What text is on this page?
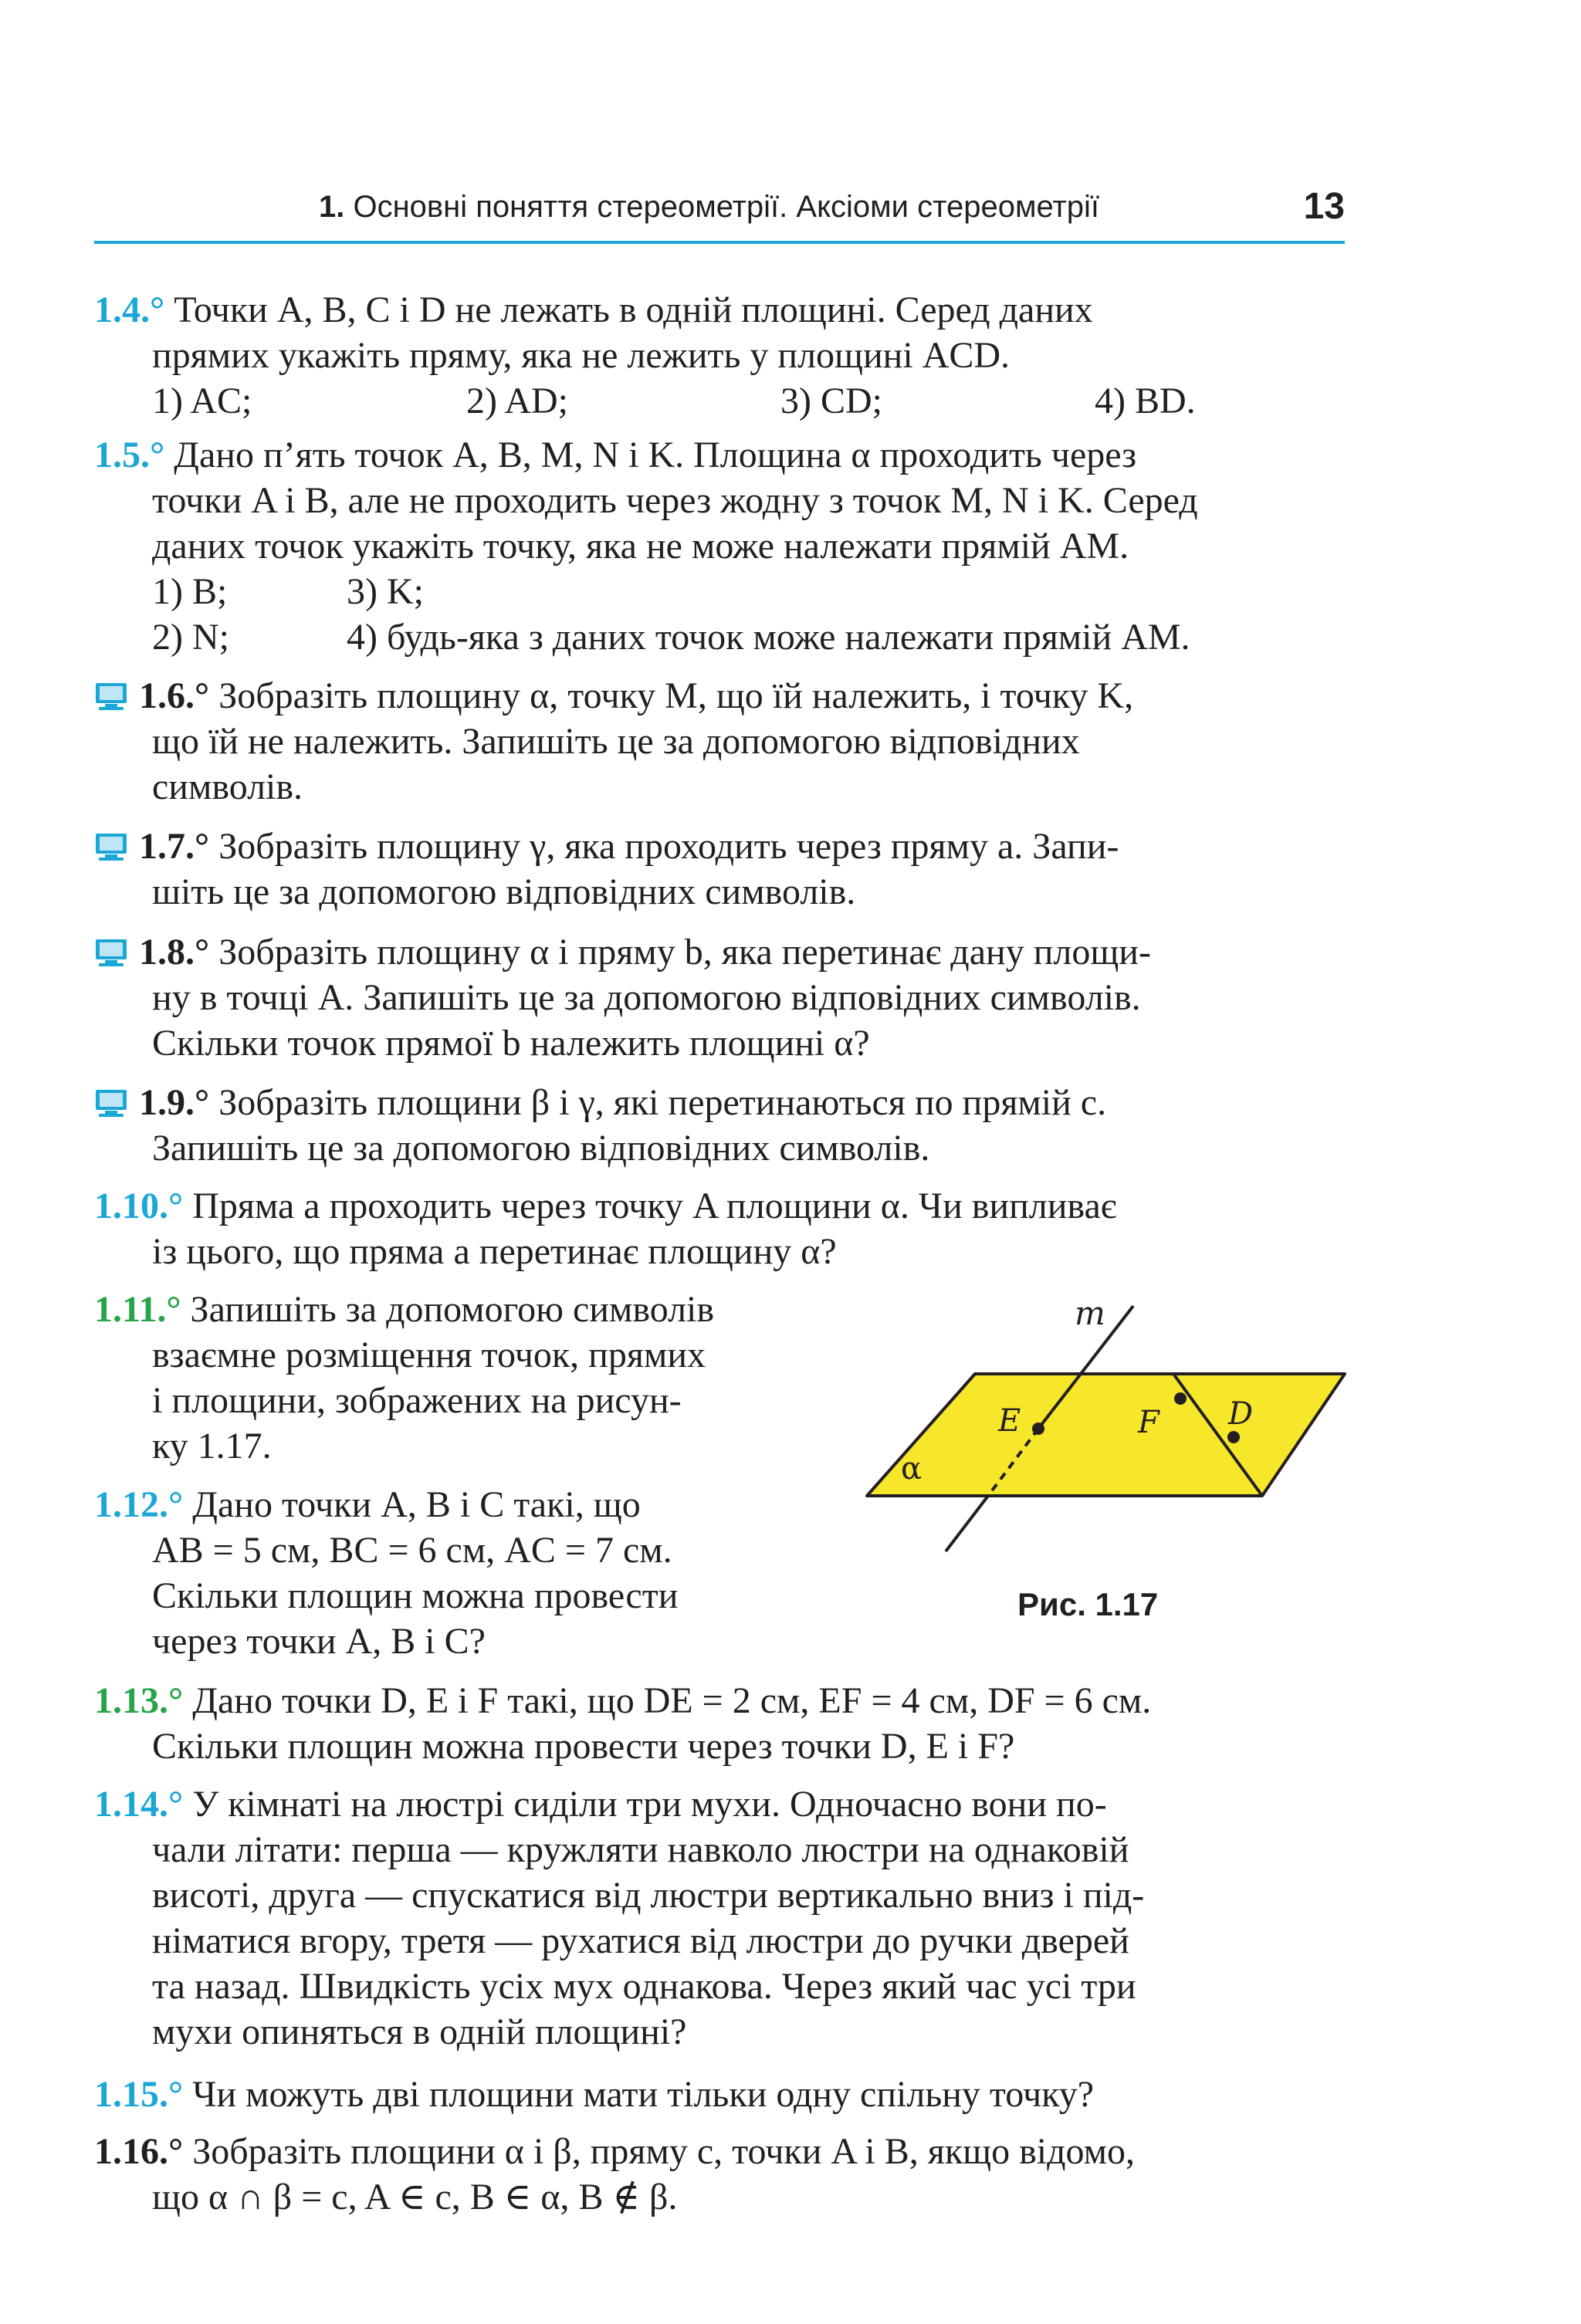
1. Основні поняття стереометрії. Аксіоми стереометрії	13
1.4.° Точки A, B, C і D не лежать в одній площині. Серед даних
прямих укажіть пряму, яка не лежить у площині ACD.
1) AC;	2) AD;	3) CD;	4) BD.
1.5.° Дано п’ять точок A, B, M, N і K. Площина α проходить через
точки A і B, але не проходить через жодну з точок M, N і K. Серед
даних точок укажіть точку, яка не може належати прямій AM.
1) B;	3) K;
2) N;	4) будь-яка з даних точок може належати прямій AM.
1.6.° Зобразіть площину α, точку M, що їй належить, і точку K,
що їй не належить. Запишіть це за допомогою відповідних
символів.
1.7.° Зобразіть площину γ, яка проходить через пряму a. Запи-
шіть це за допомогою відповідних символів.
1.8.° Зобразіть площину α і пряму b, яка перетинає дану площи-
ну в точці A. Запишіть це за допомогою відповідних символів.
Скільки точок прямої b належить площині α?
1.9.° Зобразіть площини β і γ, які перетинаються по прямій c.
Запишіть це за допомогою відповідних символів.
1.10.° Пряма a проходить через точку A площини α. Чи випливає
із цього, що пряма a перетинає площину α?
1.11.° Запишіть за допомогою символів
взаємне розміщення точок, прямих
і площини, зображених на рисун-
ку 1.17.
1.12.° Дано точки A, B і C такі, що
AB = 5 см, BC = 6 см, AC = 7 см.
Скільки площин можна провести
через точки A, B і C?
m
E	F D
α
Рис. 1.17
1.13.° Дано точки D, E і F такі, що DE = 2 см, EF = 4 см, DF = 6 см.
Скільки площин можна провести через точки D, E і F?
1.14.° У кімнаті на люстрі сиділи три мухи. Одночасно вони по-
чали літати: перша — кружляти навколо люстри на однаковій
висоті, друга — спускатися від люстри вертикально вниз і під-
німатися вгору, третя — рухатися від люстри до ручки дверей
та назад. Швидкість усіх мух однакова. Через який час усі три
мухи опиняться в одній площині?
1.15.° Чи можуть дві площини мати тільки одну спільну точку?
1.16.° Зобразіть площини α і β, пряму c, точки A і B, якщо відомо,
що α ∩ β = c, A ∈ c, B ∈ α, B ∉ β.
